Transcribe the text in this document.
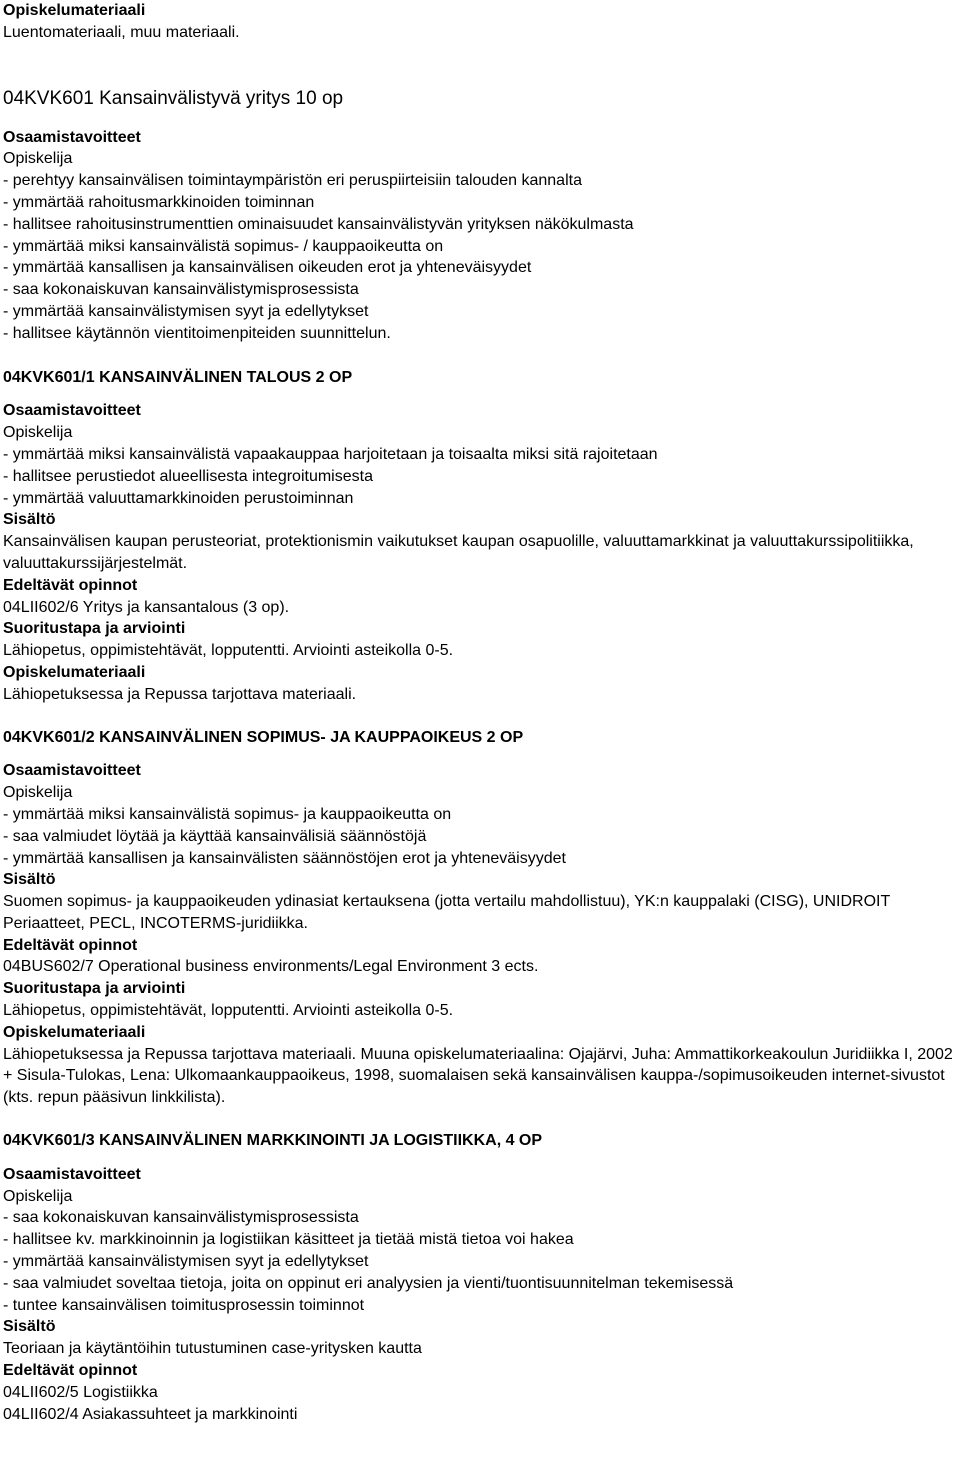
Opiskelumateriaali
Luentomateriaali, muu materiaali.
04KVK601 Kansainvälistyvä yritys 10 op
Osaamistavoitteet
Opiskelija
- perehtyy kansainvälisen toimintaympäristön eri peruspiirteisiin talouden kannalta
- ymmärtää rahoitusmarkkinoiden toiminnan
- hallitsee rahoitusinstrumenttien ominaisuudet kansainvälistyvän yrityksen näkökulmasta
- ymmärtää miksi kansainvälistä sopimus- / kauppaoikeutta on
- ymmärtää kansallisen ja kansainvälisen oikeuden erot ja yhteneväisyydet
- saa kokonaiskuvan kansainvälistymisprosessista
- ymmärtää kansainvälistymisen syyt ja edellytykset
- hallitsee käytännön vientitoimenpiteiden suunnittelun.
04KVK601/1 KANSAINVÄLINEN TALOUS 2 OP
Osaamistavoitteet
Opiskelija
- ymmärtää miksi kansainvälistä vapaakauppaa harjoitetaan ja toisaalta miksi sitä rajoitetaan
- hallitsee perustiedot alueellisesta integroitumisesta
- ymmärtää valuuttamarkkinoiden perustoiminnan
Sisältö
Kansainvälisen kaupan perusteoriat, protektionismin vaikutukset kaupan osapuolille, valuuttamarkkinat ja valuuttakurssipolitiikka, valuuttakurssijärjestelmät.
Edeltävät opinnot
04LII602/6 Yritys ja kansantalous (3 op).
Suoritustapa ja arviointi
Lähiopetus, oppimistehtävät, lopputentti. Arviointi asteikolla 0-5.
Opiskelumateriaali
Lähiopetuksessa ja Repussa tarjottava materiaali.
04KVK601/2 KANSAINVÄLINEN SOPIMUS- JA KAUPPAOIKEUS 2 OP
Osaamistavoitteet
Opiskelija
- ymmärtää miksi kansainvälistä sopimus- ja kauppaoikeutta on
- saa valmiudet löytää ja käyttää kansainvälisiä säännöstöjä
- ymmärtää kansallisen ja kansainvälisten säännöstöjen erot ja yhteneväisyydet
Sisältö
Suomen sopimus- ja kauppaoikeuden ydinasiat kertauksena (jotta vertailu mahdollistuu), YK:n kauppalaki (CISG), UNIDROIT Periaatteet, PECL, INCOTERMS-juridiikka.
Edeltävät opinnot
04BUS602/7 Operational business environments/Legal Environment 3 ects.
Suoritustapa ja arviointi
Lähiopetus, oppimistehtävät, lopputentti. Arviointi asteikolla 0-5.
Opiskelumateriaali
Lähiopetuksessa ja Repussa tarjottava materiaali. Muuna opiskelumateriaalina: Ojajärvi, Juha: Ammattikorkeakoulun Juridiikka I, 2002 + Sisula-Tulokas, Lena: Ulkomaankauppaoikeus, 1998, suomalaisen sekä kansainvälisen kauppa-/sopimusoikeuden internet-sivustot (kts. repun pääsivun linkkilista).
04KVK601/3 KANSAINVÄLINEN MARKKINOINTI JA LOGISTIIKKA, 4 OP
Osaamistavoitteet
Opiskelija
- saa kokonaiskuvan kansainvälistymisprosessista
- hallitsee kv. markkinoinnin ja logistiikan käsitteet ja tietää mistä tietoa voi hakea
- ymmärtää kansainvälistymisen syyt ja edellytykset
- saa valmiudet soveltaa tietoja, joita on oppinut eri analyysien ja vienti/tuontisuunnitelman tekemisessä
- tuntee kansainvälisen toimitusprosessin toiminnot
Sisältö
Teoriaan ja käytäntöihin tutustuminen case-yritysken kautta
Edeltävät opinnot
04LII602/5 Logistiikka
04LII602/4 Asiakassuhteet ja markkinointi
